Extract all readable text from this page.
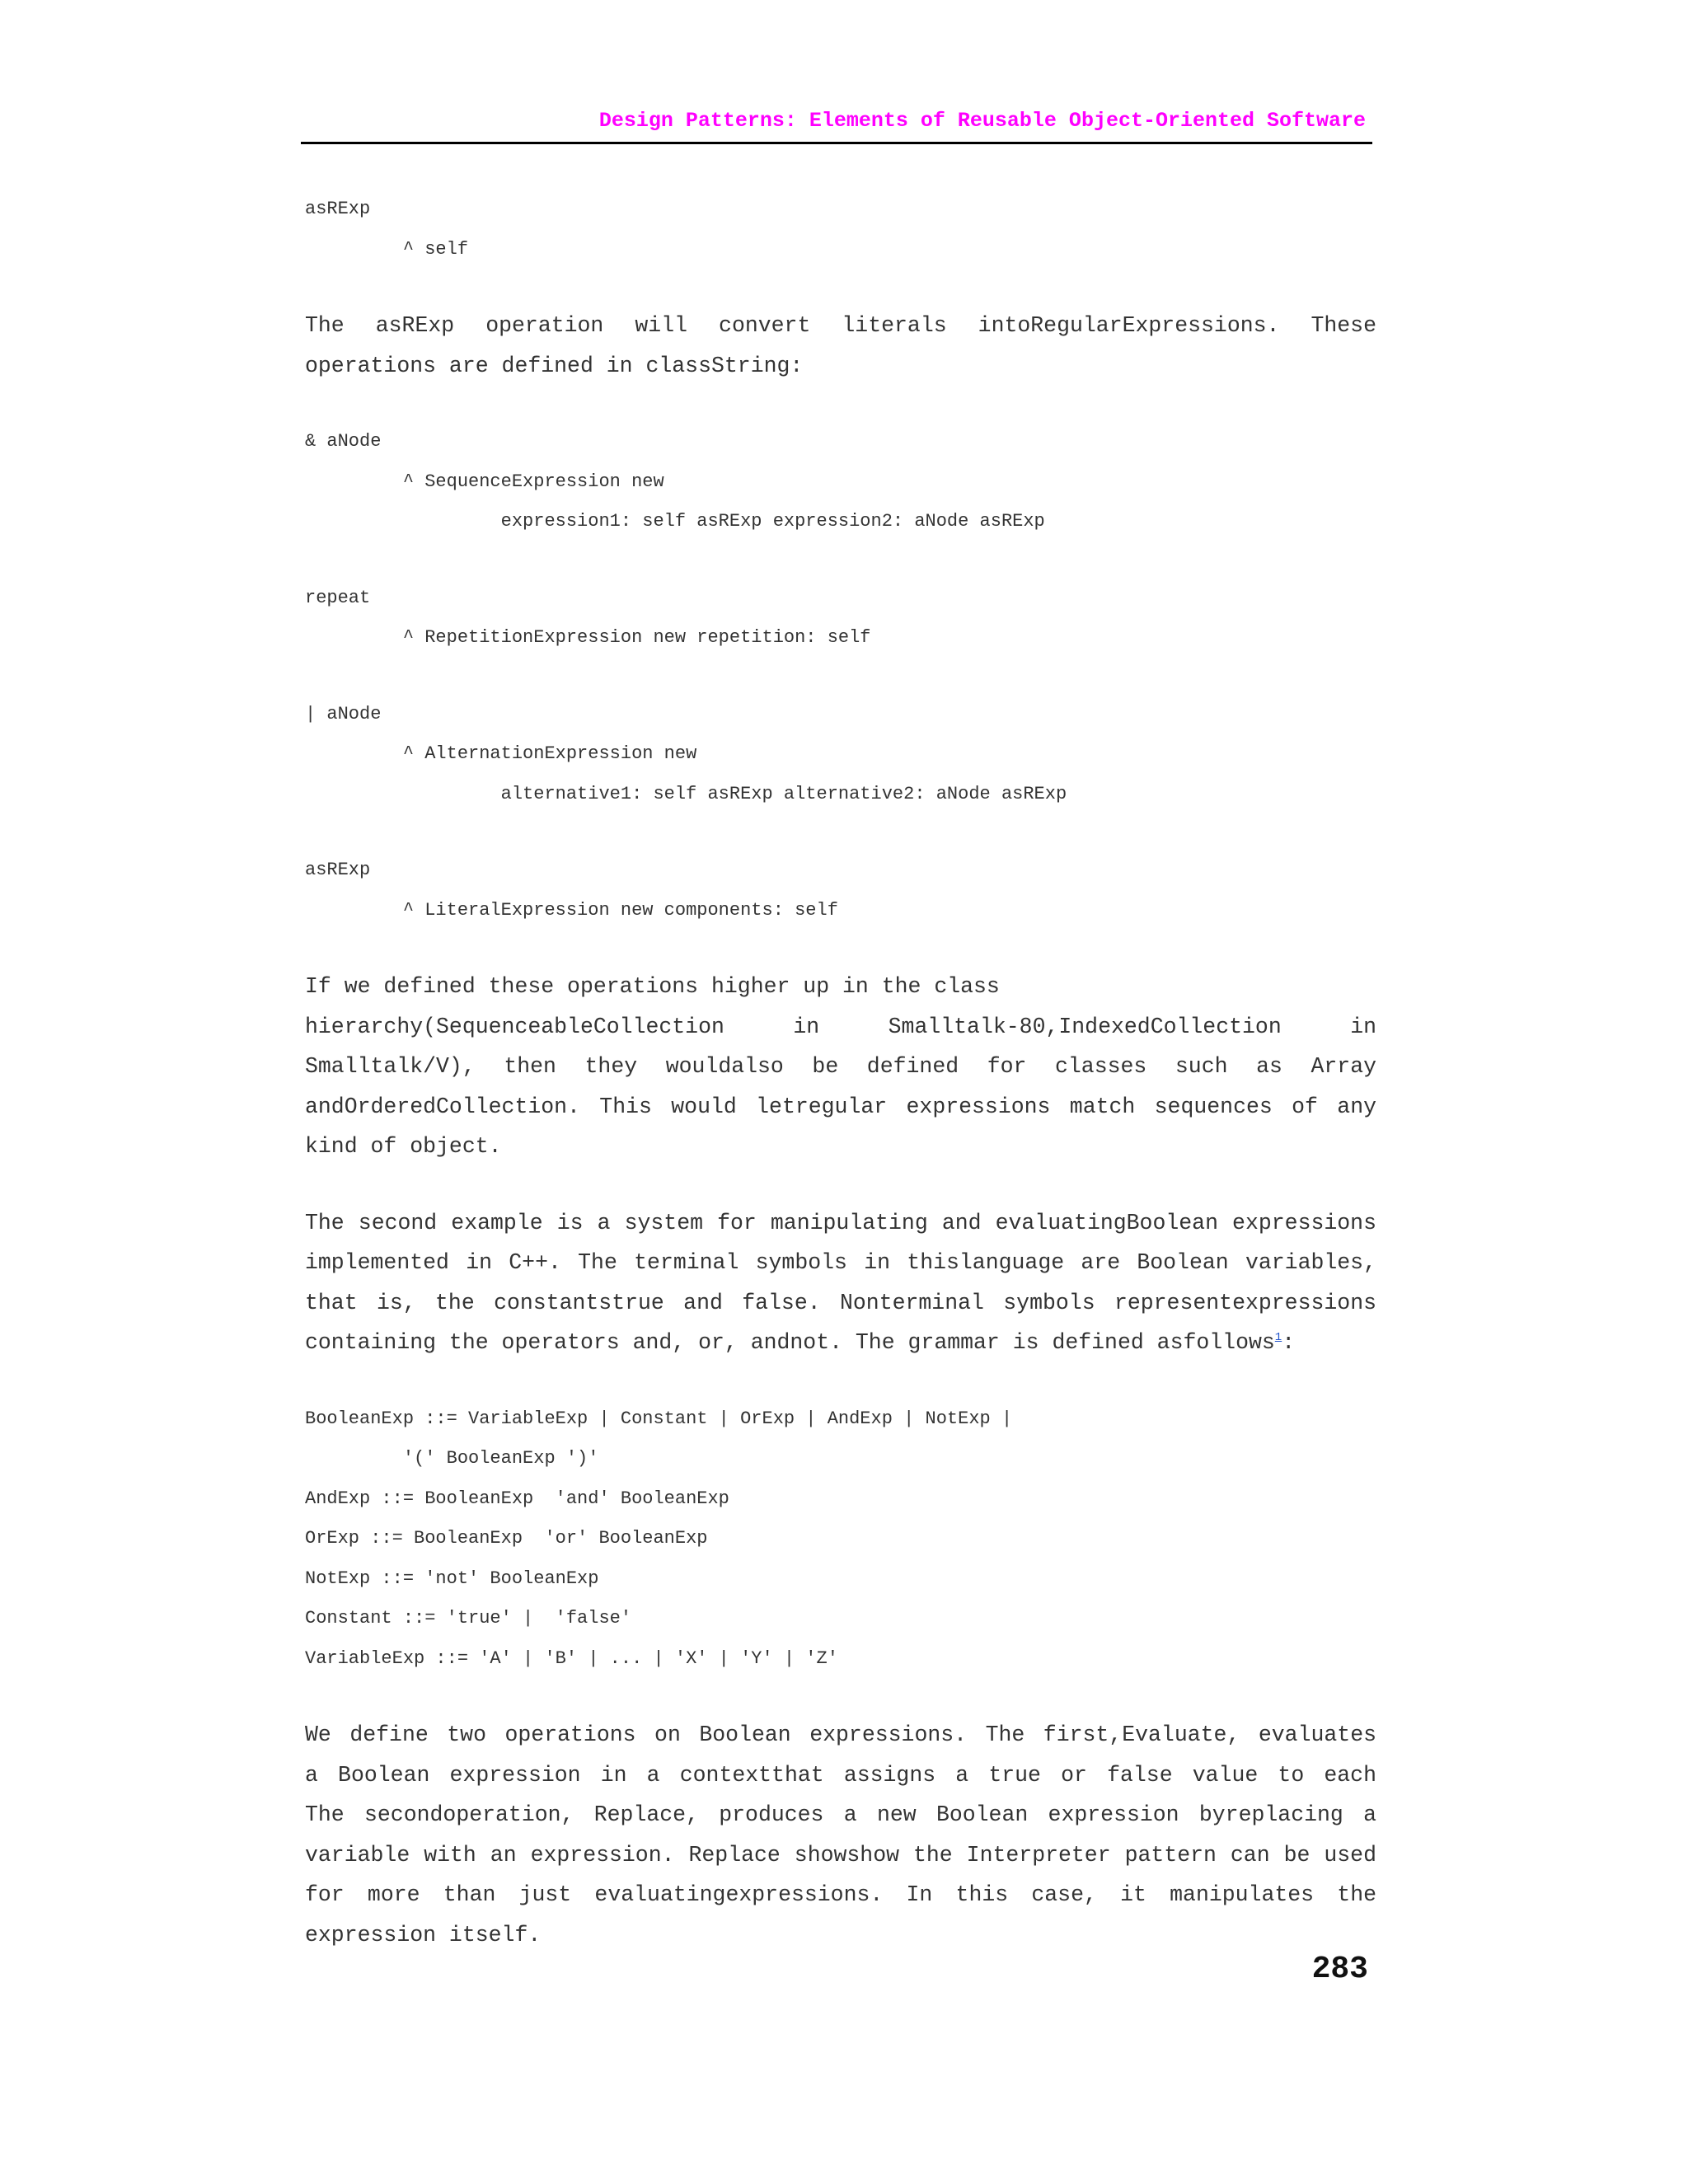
Design Patterns: Elements of Reusable Object-Oriented Software
asRExp
^ self
The asRExp operation will convert literals intoRegularExpressions. These
operations are defined in classString:
& aNode
^ SequenceExpression new
expression1: self asRExp expression2: aNode asRExp
repeat
^ RepetitionExpression new repetition: self
| aNode
^ AlternationExpression new
alternative1: self asRExp alternative2: aNode asRExp
asRExp
^ LiteralExpression new components: self
If we defined these operations higher up in the class
hierarchy(SequenceableCollection in Smalltalk-80,IndexedCollection in
Smalltalk/V), then they wouldalso be defined for classes such as Array
andOrderedCollection. This would letregular expressions match sequences of any
kind of object.
The second example is a system for manipulating and evaluatingBoolean expressions
implemented in C++. The terminal symbols in thislanguage are Boolean variables,
that is, the constantstrue and false. Nonterminal symbols representexpressions
containing the operators and, or, andnot. The grammar is defined asfollows$^1$:
BooleanExp ::= VariableExp | Constant | OrExp | AndExp | NotExp |
'(' BooleanExp ')'
AndExp ::= BooleanExp  'and' BooleanExp
OrExp ::= BooleanExp  'or' BooleanExp
NotExp ::= 'not' BooleanExp
Constant ::= 'true' |  'false'
VariableExp ::= 'A' | 'B' | ... | 'X' | 'Y' | 'Z'
We define two operations on Boolean expressions. The first,Evaluate, evaluates
a Boolean expression in a contextthat assigns a true or false value to each
The secondoperation, Replace, produces a new Boolean expression byreplacing a
variable with an expression. Replace showshow the Interpreter pattern can be used
for more than just evaluatingexpressions. In this case, it manipulates the
expression itself.
283
